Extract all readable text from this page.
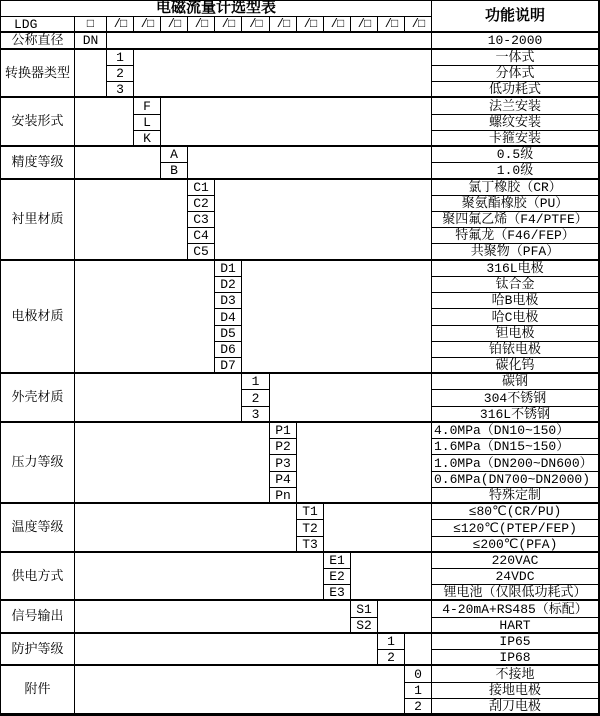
电磁流量计选型表	功能说明
LDG	□	/□	/□	/□	/□	/□	/□	/□	/□	/□	/□	/□	/□
公称直径	DN	10-2000
转换器类型
1	一体式
2	分体式
3	低功耗式
安装形式
F	法兰安装
L	螺纹安装
K	卡箍安装
精度等级
A	0.5级
B	1.0级
衬里材质
C1	氯丁橡胶（CR）
C2	聚氨酯橡胶（PU）
C3	聚四氟乙烯（F4/PTFE）
C4	特氟龙（F46/FEP）
C5	共聚物（PFA）
电极材质
D1	316L电极
D2	钛合金
D3	哈B电极
D4	哈C电极
D5	钽电极
D6	铂铱电极
D7	碳化钨
外壳材质
1	碳钢
2	304不锈钢
3	316L不锈钢
压力等级
P1	4.0MPa（DN10~150）
P2	1.6MPa（DN15~150）
P3	1.0MPa（DN200~DN600）
P4	0.6MPa(DN700~DN2000)
Pn	特殊定制
温度等级
T1	≤80℃(CR/PU)
T2	≤120℃(PTEP/FEP)
T3	≤200℃(PFA)
供电方式
E1	220VAC
E2	24VDC
E3	锂电池（仅限低功耗式）
信号输出	S1	4-20mA+RS485（标配）
S2	HART
防护等级	1	IP65
2	IP68
附件
0	不接地
1	接地电极
2	刮刀电极
